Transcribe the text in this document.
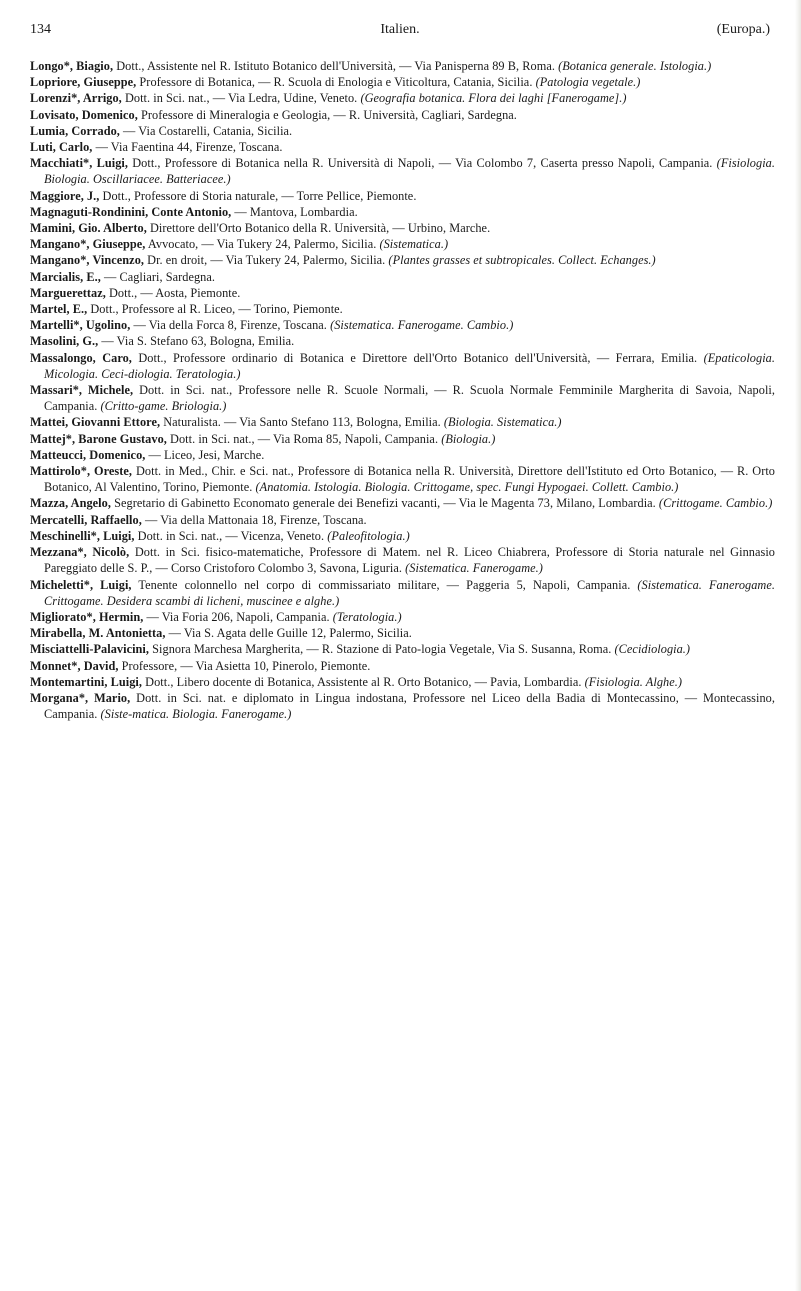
134	Italien.	(Europa.)

Longo*, Biagio, Dott., Assistente nel R. Istituto Botanico dell'Università, — Via Panisperna 89 B, Roma. (Botanica generale. Istologia.)

Lopriore, Giuseppe, Professore di Botanica, — R. Scuola di Enologia e Viticoltura, Catania, Sicilia. (Patologia vegetale.)

Lorenzi*, Arrigo, Dott. in Sci. nat., — Via Ledra, Udine, Veneto. (Geografia botanica. Flora dei laghi [Fanerogame].)

Lovisato, Domenico, Professore di Mineralogia e Geologia, — R. Università, Cagliari, Sardegna.

Lumia, Corrado, — Via Costarelli, Catania, Sicilia.

Luti, Carlo, — Via Faentina 44, Firenze, Toscana.

Macchiati*, Luigi, Dott., Professore di Botanica nella R. Università di Napoli, — Via Colombo 7, Caserta presso Napoli, Campania. (Fisiologia. Biologia. Oscillariacee. Batteriacee.)

Maggiore, J., Dott., Professore di Storia naturale, — Torre Pellice, Piemonte.

Magnaguti-Rondinini, Conte Antonio, — Mantova, Lombardia.

Mamini, Gio. Alberto, Direttore dell'Orto Botanico della R. Università, — Urbino, Marche.

Mangano*, Giuseppe, Avvocato, — Via Tukery 24, Palermo, Sicilia. (Sistematica.)

Mangano*, Vincenzo, Dr. en droit, — Via Tukery 24, Palermo, Sicilia. (Plantes grasses et subtropicales. Collect. Echanges.)

Marcialis, E., — Cagliari, Sardegna.

Marguerettaz, Dott., — Aosta, Piemonte.

Martel, E., Dott., Professore al R. Liceo, — Torino, Piemonte.

Martelli*, Ugolino, — Via della Forca 8, Firenze, Toscana. (Sistematica. Fanerogame. Cambio.)

Masolini, G., — Via S. Stefano 63, Bologna, Emilia.

Massalongo, Caro, Dott., Professore ordinario di Botanica e Direttore dell'Orto Botanico dell'Università, — Ferrara, Emilia. (Epaticologia. Micologia. Ceci-diologia. Teratologia.)

Massari*, Michele, Dott. in Sci. nat., Professore nelle R. Scuole Normali, — R. Scuola Normale Femminile Margherita di Savoia, Napoli, Campania. (Critto-game. Briologia.)

Mattei, Giovanni Ettore, Naturalista. — Via Santo Stefano 113, Bologna, Emilia. (Biologia. Sistematica.)

Mattej*, Barone Gustavo, Dott. in Sci. nat., — Via Roma 85, Napoli, Campania. (Biologia.)

Matteucci, Domenico, — Liceo, Jesi, Marche.

Mattirolo*, Oreste, Dott. in Med., Chir. e Sci. nat., Professore di Botanica nella R. Università, Direttore dell'Istituto ed Orto Botanico, — R. Orto Botanico, Al Valentino, Torino, Piemonte. (Anatomia. Istologia. Biologia. Crittogame, spec. Fungi Hypogaei. Collett. Cambio.)

Mazza, Angelo, Segretario di Gabinetto Economato generale dei Benefizi vacanti, — Via le Magenta 73, Milano, Lombardia. (Crittogame. Cambio.)

Mercatelli, Raffaello, — Via della Mattonaia 18, Firenze, Toscana.

Meschinelli*, Luigi, Dott. in Sci. nat., — Vicenza, Veneto. (Paleofitologia.)

Mezzana*, Nicolò, Dott. in Sci. fisico-matematiche, Professore di Matem. nel R. Liceo Chiabrera, Professore di Storia naturale nel Ginnasio Pareggiato delle S. P., — Corso Cristoforo Colombo 3, Savona, Liguria. (Sistematica. Fanerogame.)

Micheletti*, Luigi, Tenente colonnello nel corpo di commissariato militare, — Paggeria 5, Napoli, Campania. (Sistematica. Fanerogame. Crittogame. Desidera scambi di licheni, muscinee e alghe.)

Migliorato*, Hermin, — Via Foria 206, Napoli, Campania. (Teratologia.)

Mirabella, M. Antonietta, — Via S. Agata delle Guille 12, Palermo, Sicilia.

Misciattelli-Palavicini, Signora Marchesa Margherita, — R. Stazione di Pato-logia Vegetale, Via S. Susanna, Roma. (Cecidiologia.)

Monnet*, David, Professore, — Via Asietta 10, Pinerolo, Piemonte.

Montemartini, Luigi, Dott., Libero docente di Botanica, Assistente al R. Orto Botanico, — Pavia, Lombardia. (Fisiologia. Alghe.)

Morgana*, Mario, Dott. in Sci. nat. e diplomato in Lingua indostana, Professore nel Liceo della Badia di Montecassino, — Montecassino, Campania. (Siste-matica. Biologia. Fanerogame.)
